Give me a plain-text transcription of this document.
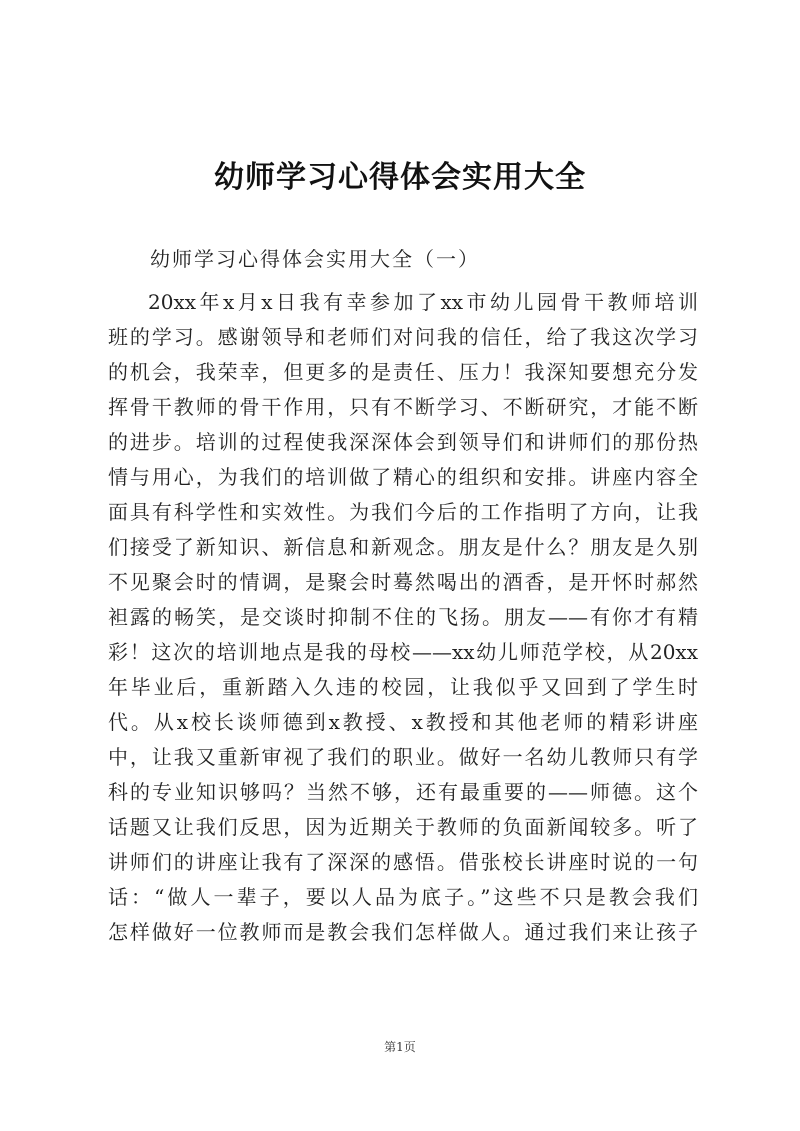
幼师学习心得体会实用大全
幼师学习心得体会实用大全（一）
20xx年x月x日我有幸参加了xx市幼儿园骨干教师培训
班的学习。感谢领导和老师们对问我的信任，给了我这次学习
的机会，我荣幸，但更多的是责任、压力！我深知要想充分发
挥骨干教师的骨干作用，只有不断学习、不断研究，才能不断
的进步。培训的过程使我深深体会到领导们和讲师们的那份热
情与用心，为我们的培训做了精心的组织和安排。讲座内容全
面具有科学性和实效性。为我们今后的工作指明了方向，让我
们接受了新知识、新信息和新观念。朋友是什么？朋友是久别
不见聚会时的情调，是聚会时蓦然喝出的酒香，是开怀时郝然
袒露的畅笑，是交谈时抑制不住的飞扬。朋友——有你才有精
彩！这次的培训地点是我的母校——xx幼儿师范学校，从20xx
年毕业后，重新踏入久违的校园，让我似乎又回到了学生时
代。从x校长谈师德到x教授、x教授和其他老师的精彩讲座
中，让我又重新审视了我们的职业。做好一名幼儿教师只有学
科的专业知识够吗？当然不够，还有最重要的——师德。这个
话题又让我们反思，因为近期关于教师的负面新闻较多。听了
讲师们的讲座让我有了深深的感悟。借张校长讲座时说的一句
话：“做人一辈子，要以人品为底子。”这些不只是教会我们
怎样做好一位教师而是教会我们怎样做人。通过我们来让孩子
第1页
